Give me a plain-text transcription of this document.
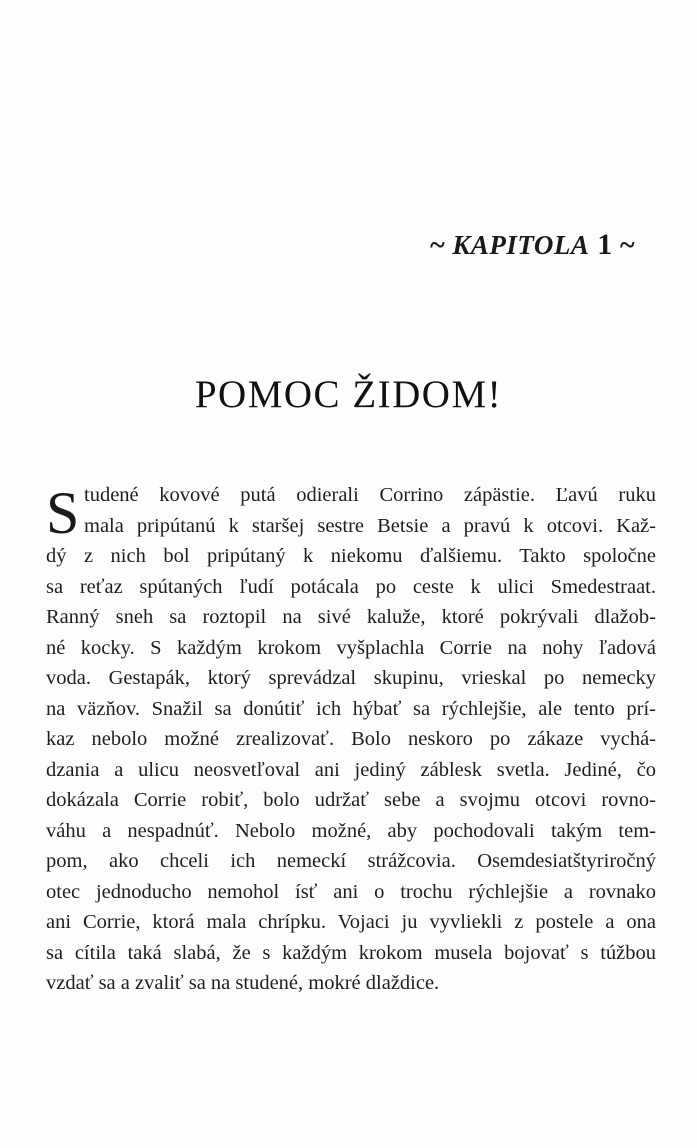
~ KAPITOLA 1 ~
POMOC ŽIDOM!
S tudené kovové putá odierali Corrino zápästie. Ľavú ruku
mala pripútanú k staršej sestre Betsie a pravú k otcovi. Kaž-
dý z nich bol pripútaný k niekomu ďalšiemu. Takto spoločne
sa reťaz spútaných ľudí potácala po ceste k ulici Smedestraat.
Ranný sneh sa roztopil na sivé kaluže, ktoré pokrývali dlažob-
né kocky. S každým krokom vyšplachla Corrie na nohy ľadová
voda. Gestapák, ktorý sprevádzal skupinu, vrieskal po nemecky
na väzňov. Snažil sa donútiť ich hýbať sa rýchlejšie, ale tento prí-
kaz nebolo možné zrealizovať. Bolo neskoro po zákaze vychá-
dzania a ulicu neosvetľoval ani jediný záblesk svetla. Jediné, čo
dokázala Corrie robiť, bolo udržať sebe a svojmu otcovi rovno-
váhu a nespadnúť. Nebolo možné, aby pochodovali takým tem-
pom, ako chceli ich nemeckí strážcovia. Osemdesiatštyriročný
otec jednoducho nemohol ísť ani o trochu rýchlejšie a rovnako
ani Corrie, ktorá mala chrípku. Vojaci ju vyvliekli z postele a ona
sa cítila taká slabá, že s každým krokom musela bojovať s túžbou
vzdať sa a zvaliť sa na studené, mokré dlaždice.
